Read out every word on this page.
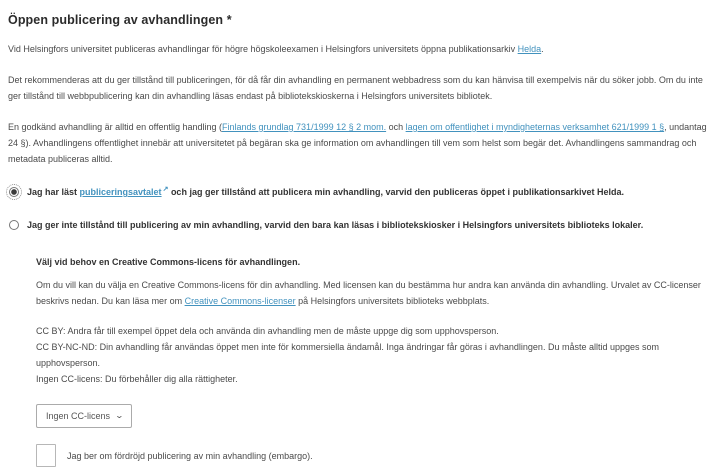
Öppen publicering av avhandlingen *

Vid Helsingfors universitet publiceras avhandlingar för högre högskoleexamen i Helsingfors universitets öppna publikationsarkiv Helda.

Det rekommenderas att du ger tillstånd till publiceringen, för då får din avhandling en permanent webbadress som du kan hänvisa till exempelvis när du söker jobb. Om du inte ger tillstånd till webbpublicering kan din avhandling läsas endast på bibliotekskioskerna i Helsingfors universitets bibliotek.

En godkänd avhandling är alltid en offentlig handling (Finlands grundlag 731/1999 12 § 2 mom. och lagen om offentlighet i myndigheternas verksamhet 621/1999 1 §, undantag 24 §). Avhandlingens offentlighet innebär att universitetet på begäran ska ge information om avhandlingen till vem som helst som begär det. Avhandlingens sammandrag och metadata publiceras alltid.

Jag har läst publiceringsavtalet↗ och jag ger tillstånd att publicera min avhandling, varvid den publiceras öppet i publikationsarkivet Helda.
Jag ger inte tillstånd till publicering av min avhandling, varvid den bara kan läsas i bibliotekskiosker i Helsingfors universitets biblioteks lokaler.
Välj vid behov en Creative Commons-licens för avhandlingen.

Om du vill kan du välja en Creative Commons-licens för din avhandling. Med licensen kan du bestämma hur andra kan använda din avhandling. Urvalet av CC-licenser beskrivs nedan. Du kan läsa mer om Creative Commons-licenser på Helsingfors universitets biblioteks webbplats.

CC BY: Andra får till exempel öppet dela och använda din avhandling men de måste uppge dig som upphovsperson.
CC BY-NC-ND: Din avhandling får användas öppet men inte för kommersiella ändamål. Inga ändringar får göras i avhandlingen. Du måste alltid uppges som upphovsperson.
Ingen CC-licens: Du förbehåller dig alla rättigheter.
Ingen CC-licens ⌄
Jag ber om fördröjd publicering av min avhandling (embargo).
